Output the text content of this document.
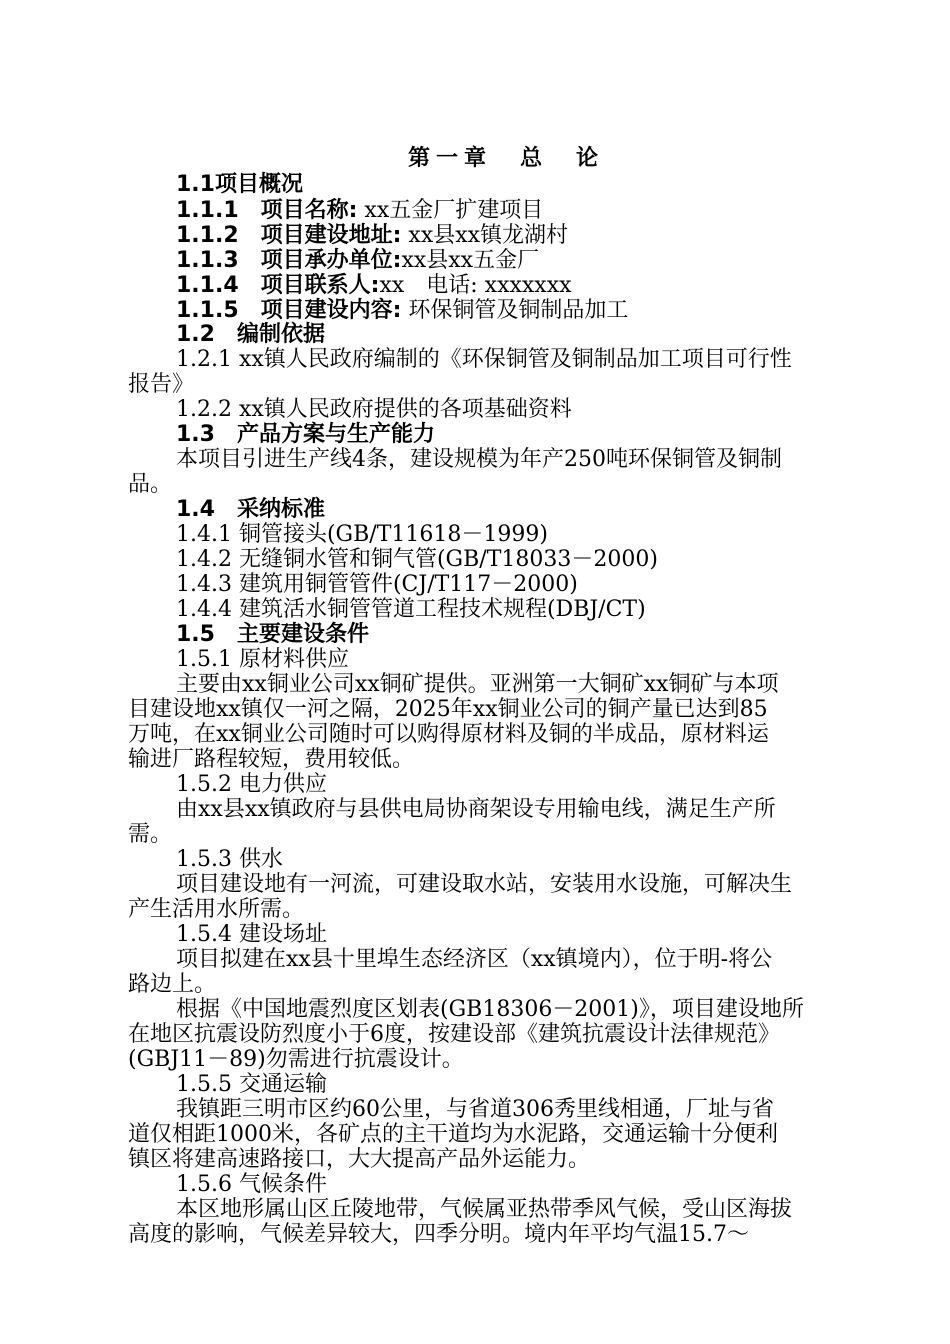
第一章　总　论
1.1项目概况
1.1.1　项目名称: xx五金厂扩建项目
1.1.2　项目建设地址: xx县xx镇龙湖村
1.1.3　项目承办单位:xx县xx五金厂
1.1.4　项目联系人:xx　电话: xxxxxxx
1.1.5　项目建设内容: 环保铜管及铜制品加工
1.2　编制依据
1.2.1 xx镇人民政府编制的《环保铜管及铜制品加工项目可行性
报告》
1.2.2 xx镇人民政府提供的各项基础资料
1.3　产品方案与生产能力
本项目引进生产线4条，建设规模为年产250吨环保铜管及铜制
品。
1.4　采纳标准
1.4.1 铜管接头(GB/T11618－1999)
1.4.2 无缝铜水管和铜气管(GB/T18033－2000)
1.4.3 建筑用铜管管件(CJ/T117－2000)
1.4.4 建筑活水铜管管道工程技术规程(DBJ/CT)
1.5　主要建设条件
1.5.1 原材料供应
主要由xx铜业公司xx铜矿提供。亚洲第一大铜矿xx铜矿与本项
目建设地xx镇仅一河之隔，2025年xx铜业公司的铜产量已达到85
万吨，在xx铜业公司随时可以购得原材料及铜的半成品，原材料运
输进厂路程较短，费用较低。
1.5.2 电力供应
由xx县xx镇政府与县供电局协商架设专用输电线，满足生产所
需。
1.5.3 供水
项目建设地有一河流，可建设取水站，安装用水设施，可解决生
产生活用水所需。
1.5.4 建设场址
项目拟建在xx县十里埠生态经济区（xx镇境内），位于明-将公
路边上。
根据《中国地震烈度区划表(GB18306－2001)》，项目建设地所
在地区抗震设防烈度小于6度，按建设部《建筑抗震设计法律规范》
(GBJ11－89)勿需进行抗震设计。
1.5.5 交通运输
我镇距三明市区约60公里，与省道306秀里线相通，厂址与省
道仅相距1000米，各矿点的主干道均为水泥路，交通运输十分便利
镇区将建高速路接口，大大提高产品外运能力。
1.5.6 气候条件
本区地形属山区丘陵地带，气候属亚热带季风气候，受山区海拔
高度的影响，气候差异较大，四季分明。境内年平均气温15.7～
